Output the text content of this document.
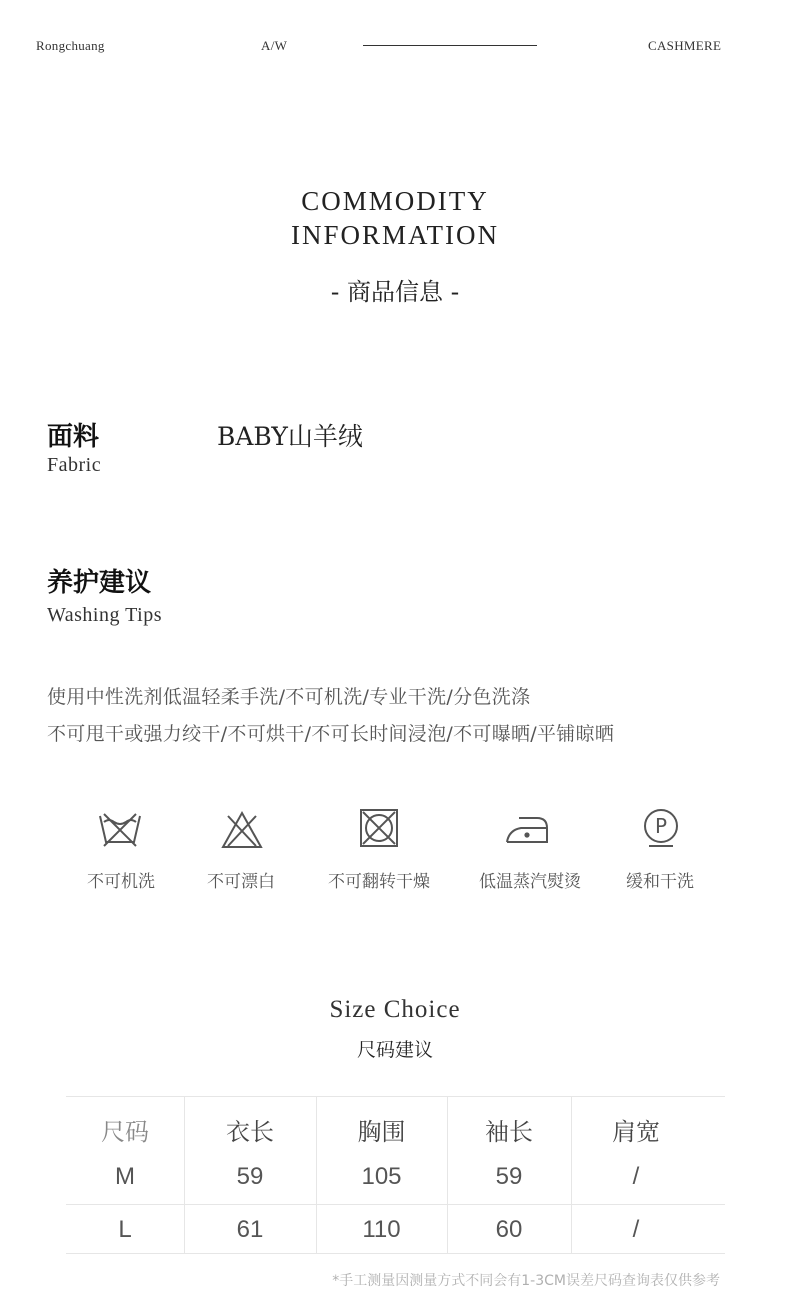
Rongchuang	A/W	CASHMERE
COMMODITY
INFORMATION
- 商品信息 -
面料
Fabric
BABY山羊绒
养护建议
Washing Tips
使用中性洗剂低温轻柔手洗/不可机洗/专业干洗/分色洗涤
不可甩干或强力绞干/不可烘干/不可长时间浸泡/不可曝晒/平铺晾晒
P
不可机洗	不可漂白	不可翻转干燥	低温蒸汽熨烫	缓和干洗
Size Choice
尺码建议
尺码	衣长	胸围	袖长	肩宽
M	59	105	59	/
L	61	110	60	/
*手工测量因测量方式不同会有1-3CM误差尺码查询表仅供参考
